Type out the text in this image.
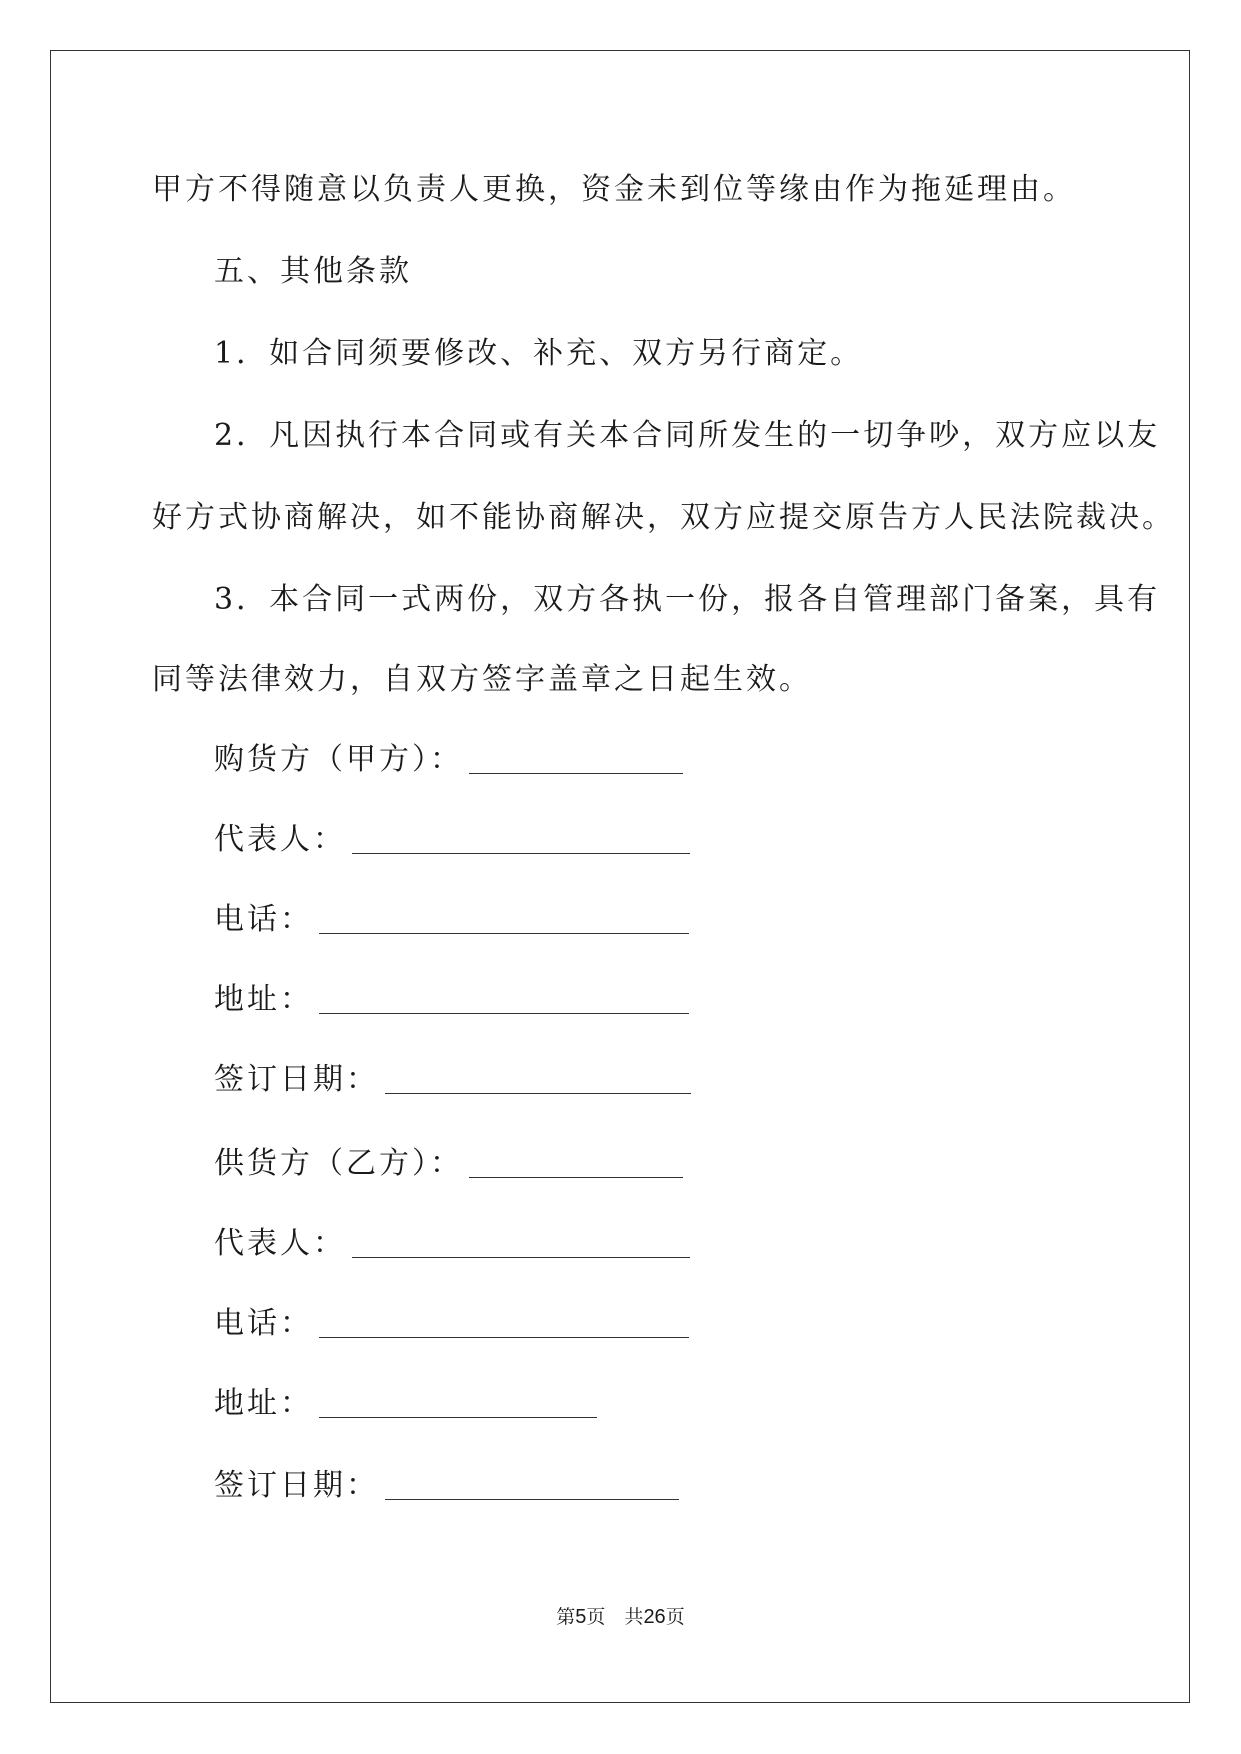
甲方不得随意以负责人更换，资金未到位等缘由作为拖延理由。
五、其他条款
1．如合同须要修改、补充、双方另行商定。
2．凡因执行本合同或有关本合同所发生的一切争吵，双方应以友
好方式协商解决，如不能协商解决，双方应提交原告方人民法院裁决。
3．本合同一式两份，双方各执一份，报各自管理部门备案，具有
同等法律效力，自双方签字盖章之日起生效。
购货方（甲方）：
代表人：
电话：
地址：
签订日期：
供货方（乙方）：
代表人：
电话：
地址：
签订日期：
第5页　共26页
